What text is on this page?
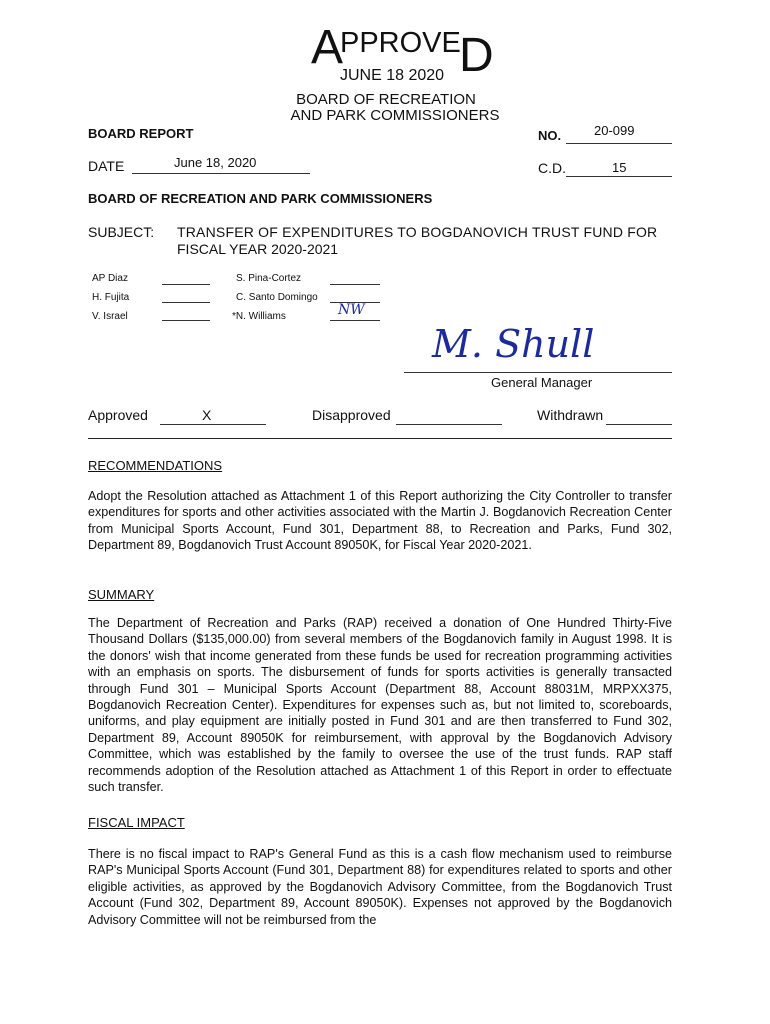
A
PPROVE
D
JUNE 18 2020
BOARD OF RECREATION
AND PARK COMMISSIONERS
BOARD REPORT	NO.	20-099
DATE	June 18, 2020	C.D.	15
BOARD OF RECREATION AND PARK COMMISSIONERS
SUBJECT: TRANSFER OF EXPENDITURES TO BOGDANOVICH TRUST FUND FOR
FISCAL YEAR 2020-2021
AP Diaz
H. Fujita
V. Israel
S. Pina-Cortez
C. Santo Domingo
*N. Williams	NW
M. Shull
General Manager
Approved	X	Disapproved	Withdrawn
RECOMMENDATIONS
Adopt the Resolution attached as Attachment 1 of this Report authorizing the City Controller to transfer expenditures for sports and other activities associated with the Martin J. Bogdanovich Recreation Center from Municipal Sports Account, Fund 301, Department 88, to Recreation and Parks, Fund 302, Department 89, Bogdanovich Trust Account 89050K, for Fiscal Year 2020-2021.
SUMMARY
The Department of Recreation and Parks (RAP) received a donation of One Hundred Thirty-Five Thousand Dollars ($135,000.00) from several members of the Bogdanovich family in August 1998. It is the donors' wish that income generated from these funds be used for recreation programming activities with an emphasis on sports. The disbursement of funds for sports activities is generally transacted through Fund 301 – Municipal Sports Account (Department 88, Account 88031M, MRPXX375, Bogdanovich Recreation Center). Expenditures for expenses such as, but not limited to, scoreboards, uniforms, and play equipment are initially posted in Fund 301 and are then transferred to Fund 302, Department 89, Account 89050K for reimbursement, with approval by the Bogdanovich Advisory Committee, which was established by the family to oversee the use of the trust funds. RAP staff recommends adoption of the Resolution attached as Attachment 1 of this Report in order to effectuate such transfer.
FISCAL IMPACT
There is no fiscal impact to RAP's General Fund as this is a cash flow mechanism used to reimburse RAP's Municipal Sports Account (Fund 301, Department 88) for expenditures related to sports and other eligible activities, as approved by the Bogdanovich Advisory Committee, from the Bogdanovich Trust Account (Fund 302, Department 89, Account 89050K). Expenses not approved by the Bogdanovich Advisory Committee will not be reimbursed from the
